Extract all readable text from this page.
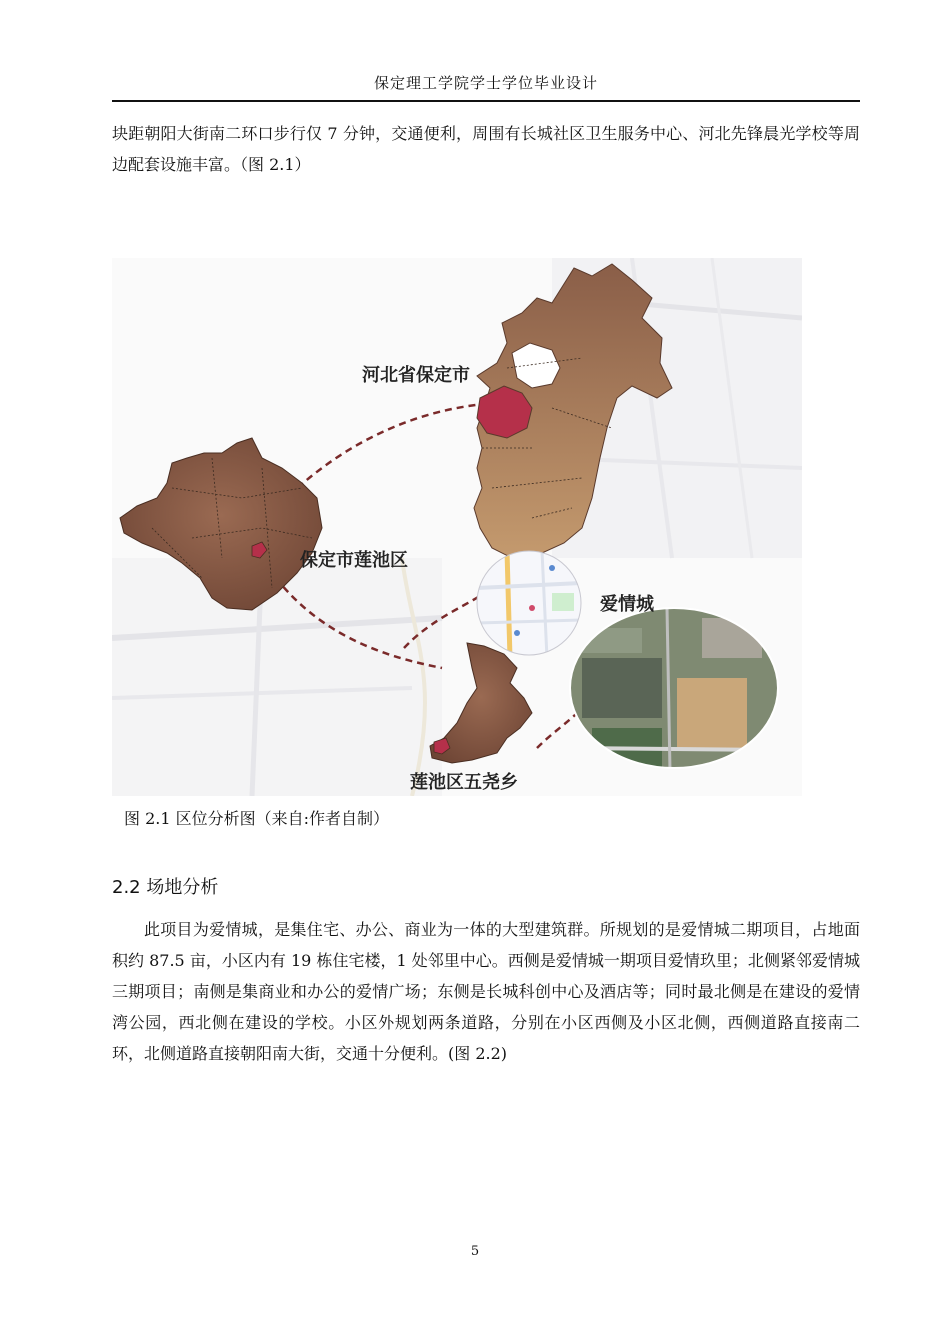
保定理工学院学士学位毕业设计

块距朝阳大街南二环口步行仅 7 分钟，交通便利，周围有长城社区卫生服务中心、河北先锋晨光学校等周边配套设施丰富。（图 2.1）

河北省保定市
保定市莲池区
爱情城
莲池区五尧乡
图 2.1 区位分析图（来自:作者自制）
2.2 场地分析

此项目为爱情城，是集住宅、办公、商业为一体的大型建筑群。所规划的是爱情城二期项目，占地面积约 87.5 亩，小区内有 19 栋住宅楼，1 处邻里中心。西侧是爱情城一期项目爱情玖里；北侧紧邻爱情城三期项目；南侧是集商业和办公的爱情广场；东侧是长城科创中心及酒店等；同时最北侧是在建设的爱情湾公园，西北侧在建设的学校。小区外规划两条道路，分别在小区西侧及小区北侧，西侧道路直接南二环，北侧道路直接朝阳南大街，交通十分便利。(图 2.2)

5
